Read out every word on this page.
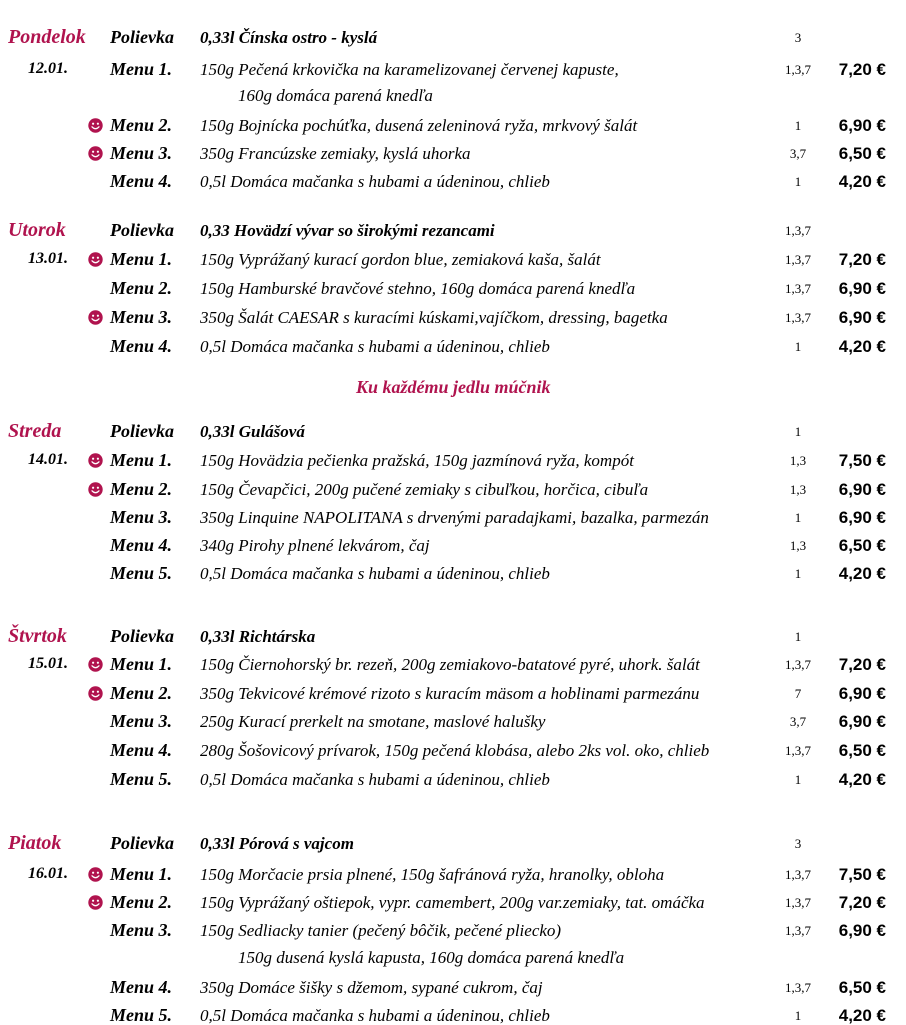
Pondelok Polievka 0,33l Čínska ostro - kyslá	3
12.01. Menu 1. 150g Pečená krkovička na karamelizovanej červenej kapuste,
160g domáca parená knedľa
1,3,7	7,20 €
Menu 2. 150g Bojnícka pochúťka, dusená zeleninová ryža, mrkvový šalát	1	6,90 €
Menu 3. 350g Francúzske zemiaky, kyslá uhorka	3,7	6,50 €
Menu 4. 0,5l Domáca mačanka s hubami a údeninou, chlieb	1	4,20 €
Utorok Polievka 0,33 Hovädzí vývar so širokými rezancami	1,3,7
13.01. Menu 1. 150g Vyprážaný kurací gordon blue, zemiaková kaša, šalát	1,3,7	7,20 €
Menu 2. 150g Hamburské bravčové stehno, 160g domáca parená knedľa	1,3,7	6,90 €
Menu 3. 350g Šalát CAESAR s kuracími kúskami,vajíčkom, dressing, bagetka	1,3,7	6,90 €
Menu 4. 0,5l Domáca mačanka s hubami a údeninou, chlieb	1	4,20 €
Streda	Polievka 0,33l Gulášová	1
14.01. Menu 1. 150g Hovädzia pečienka pražská, 150g jazmínová ryža, kompót	1,3	7,50 €
Menu 2. 150g Čevapčici, 200g pučené zemiaky s cibuľkou, horčica, cibuľa	1,3	6,90 €
Menu 3. 350g Linquine NAPOLITANA s drvenými paradajkami, bazalka, parmezán	1	6,90 €
Menu 4. 340g Pirohy plnené lekvárom, čaj	1,3	6,50 €
Menu 5. 0,5l Domáca mačanka s hubami a údeninou, chlieb	1	4,20 €
Štvrtok Polievka 0,33l Richtárska	1
15.01. Menu 1. 150g Čiernohorský br. rezeň, 200g zemiakovo-batatové pyré, uhork. šalát	1,3,7	7,20 €
Menu 2. 350g Tekvicové krémové rizoto s kuracím mäsom a hoblinami parmezánu	7	6,90 €
Menu 3. 250g Kurací prerkelt na smotane, maslové halušky	3,7	6,90 €
Menu 4. 280g Šošovicový prívarok, 150g pečená klobása, alebo 2ks vol. oko, chlieb	1,3,7	6,50 €
Menu 5. 0,5l Domáca mačanka s hubami a údeninou, chlieb	1	4,20 €
Piatok	Polievka 0,33l Pórová s vajcom	3
16.01. Menu 1. 150g Morčacie prsia plnené, 150g šafránová ryža, hranolky, obloha	1,3,7	7,50 €
Menu 2. 150g Vyprážaný oštiepok, vypr. camembert, 200g var.zemiaky, tat. omáčka	1,3,7	7,20 €
Menu 3. 150g Sedliacky tanier (pečený bôčik, pečené pliecko)
150g dusená kyslá kapusta, 160g domáca parená knedľa
1,3,7	6,90 €
Menu 4. 350g Domáce šišky s džemom, sypané cukrom, čaj	1,3,7	6,50 €
Menu 5. 0,5l Domáca mačanka s hubami a údeninou, chlieb	1	4,20 €
Ku každému jedlu múčnik
